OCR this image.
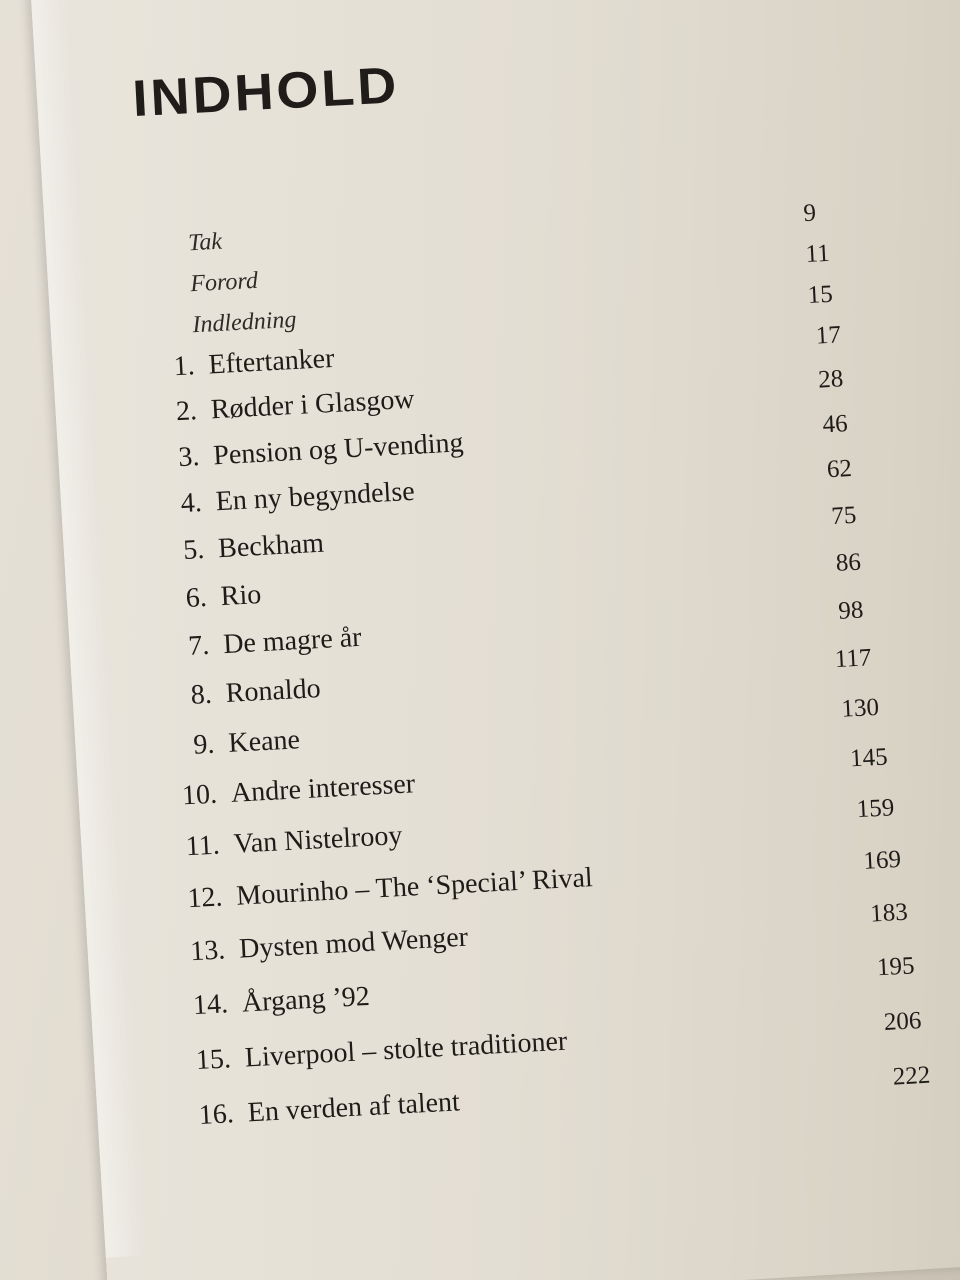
INDHOLD
Tak
Forord
Indledning
9
11
15
1. Eftertanker
2. Rødder i Glasgow
3. Pension og U-vending
4. En ny begyndelse
5. Beckham
6. Rio
7. De magre år
8. Ronaldo
9. Keane
10. Andre interesser
11. Van Nistelrooy
12. Mourinho – The ‘Special’ Rival
13. Dysten mod Wenger
14. Årgang ’92
15. Liverpool – stolte traditioner
16. En verden af talent
17
28
46
62
75
86
98
117
130
145
159
169
183
195
206
222
